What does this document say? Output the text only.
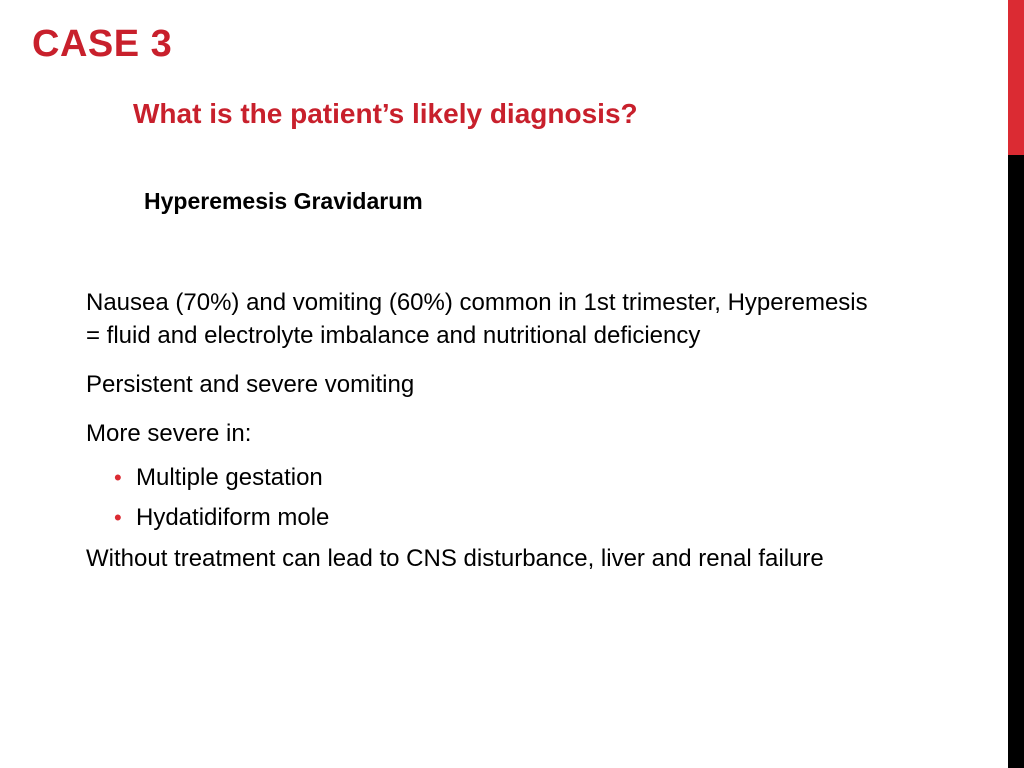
CASE 3
What is the patient’s likely diagnosis?
Hyperemesis Gravidarum

Nausea (70%) and vomiting (60%) common in 1st trimester, Hyperemesis = fluid and electrolyte imbalance and nutritional deficiency

Persistent and severe vomiting

More severe in:

• Multiple gestation
• Hydatidiform mole

Without treatment can lead to CNS disturbance, liver and renal failure
